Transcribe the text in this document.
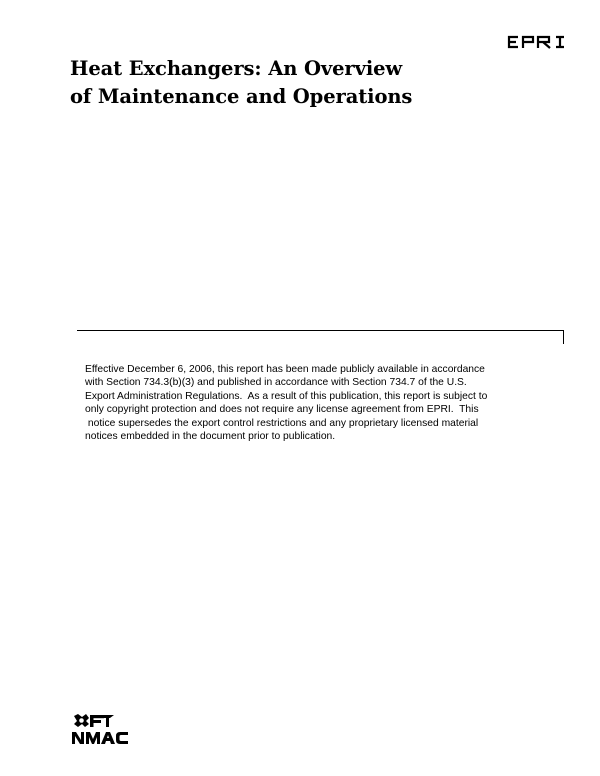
Heat Exchangers: An Overview
of Maintenance and Operations
Effective December 6, 2006, this report has been made publicly available in accordance
with Section 734.3(b)(3) and published in accordance with Section 734.7 of the U.S.
Export Administration Regulations.  As a result of this publication, this report is subject to
only copyright protection and does not require any license agreement from EPRI.  This
notice supersedes the export control restrictions and any proprietary licensed material
notices embedded in the document prior to publication.
